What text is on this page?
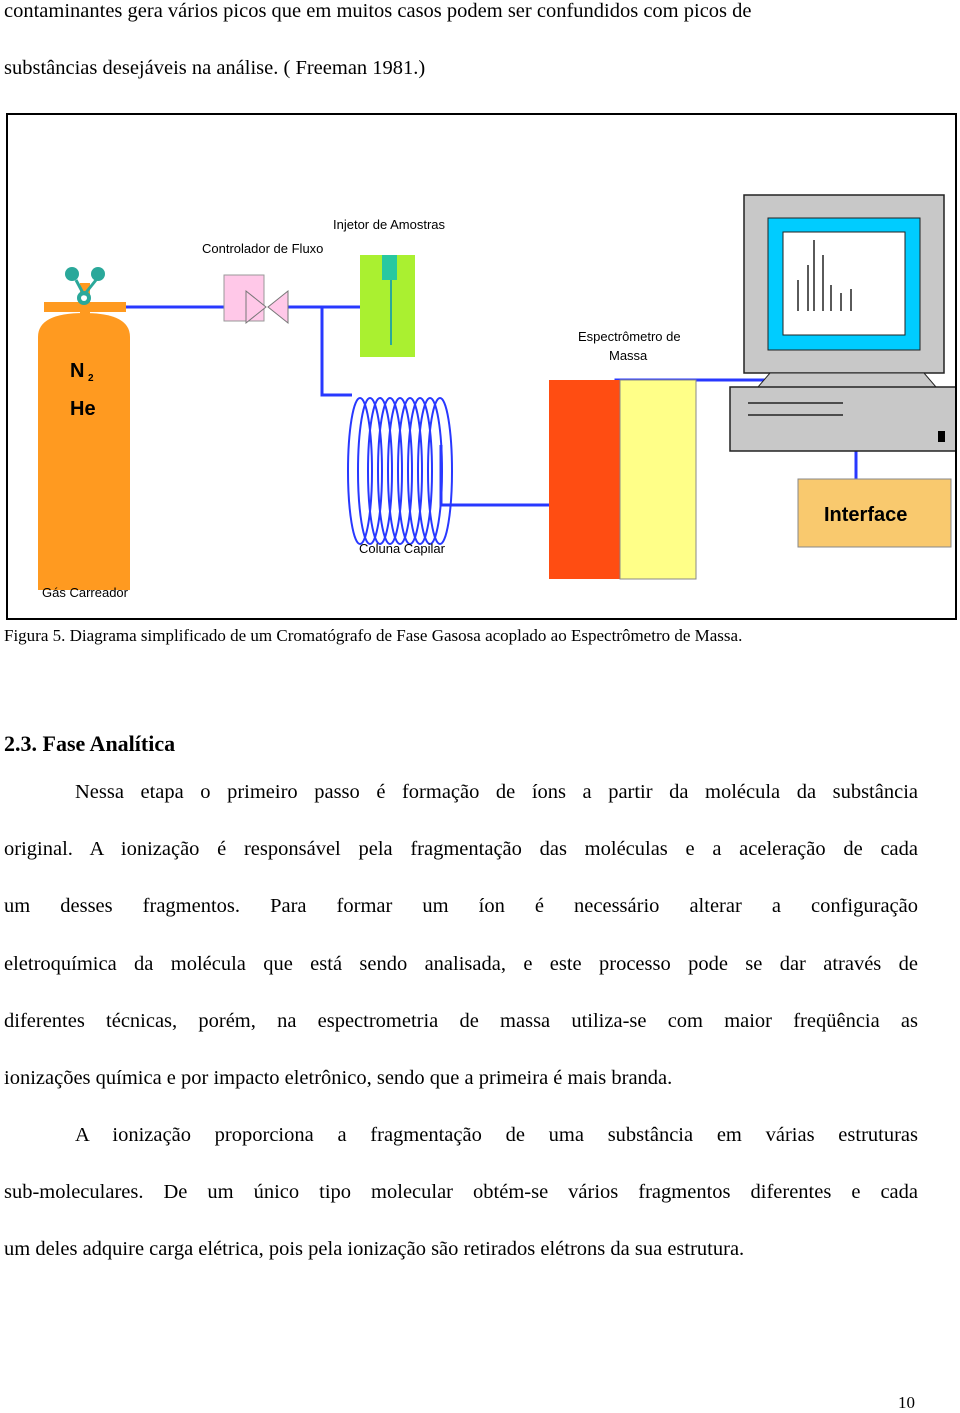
contaminantes gera vários picos que em muitos casos podem ser confundidos com picos de
substâncias desejáveis na análise. ( Freeman 1981.)
N 2
He
Interface
Injetor de Amostras
Controlador de Fluxo
Espectrômetro de
Massa
Coluna Capilar
Gás Carreador
Figura 5. Diagrama simplificado de um Cromatógrafo de Fase Gasosa acoplado ao Espectrômetro de Massa.
2.3. Fase Analítica
Nessa etapa o primeiro passo é formação de íons a partir da molécula da substância
original. A ionização é responsável pela fragmentação das moléculas e a aceleração de cada
um desses fragmentos. Para formar um íon é necessário alterar a configuração
eletroquímica da molécula que está sendo analisada, e este processo pode se dar através de
diferentes técnicas, porém, na espectrometria de massa utiliza-se com maior freqüência as
ionizações química e por impacto eletrônico, sendo que a primeira é mais branda.
A ionização proporciona a fragmentação de uma substância em várias estruturas
sub-moleculares. De um único tipo molecular obtém-se vários fragmentos diferentes e cada
um deles adquire carga elétrica, pois pela ionização são retirados elétrons da sua estrutura.
10
